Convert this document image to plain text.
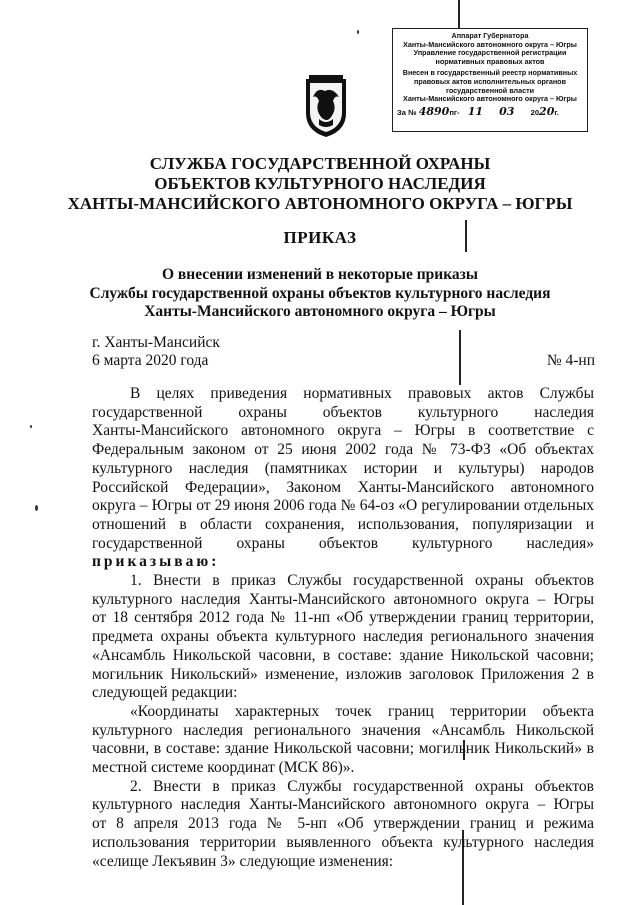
Аппарат Губернатора
Ханты-Мансийского автономного округа – Югры
Управление государственной регистрации
нормативных правовых актов
Внесен в государственный реестр нормативных
правовых актов исполнительных органов
государственной власти
Ханты-Мансийского автономного округа – Югры
За № 4890пг- 11 03 2020г.
СЛУЖБА ГОСУДАРСТВЕННОЙ ОХРАНЫ
ОБЪЕКТОВ КУЛЬТУРНОГО НАСЛЕДИЯ
ХАНТЫ-МАНСИЙСКОГО АВТОНОМНОГО ОКРУГА – ЮГРЫ
ПРИКАЗ
О внесении изменений в некоторые приказы
Службы государственной охраны объектов культурного наследия
Ханты-Мансийского автономного округа – Югры
г. Ханты-Мансийск
6 марта 2020 года	№ 4-нп
В целях приведения нормативных правовых актов Службы
государственной охраны объектов культурного наследия
Ханты-Мансийского автономного округа – Югры в соответствие с
Федеральным законом от 25 июня 2002 года № 73-ФЗ «Об объектах
культурного наследия (памятниках истории и культуры) народов
Российской Федерации», Законом Ханты-Мансийского автономного
округа – Югры от 29 июня 2006 года № 64-оз «О регулировании отдельных
отношений в области сохранения, использования, популяризации и
государственной охраны объектов культурного наследия»
приказываю:
1. Внести в приказ Службы государственной охраны объектов
культурного наследия Ханты-Мансийского автономного округа – Югры
от 18 сентября 2012 года № 11-нп «Об утверждении границ территории,
предмета охраны объекта культурного наследия регионального значения
«Ансамбль Никольской часовни, в составе: здание Никольской часовни;
могильник Никольский» изменение, изложив заголовок Приложения 2 в
следующей редакции:
«Координаты характерных точек границ территории объекта
культурного наследия регионального значения «Ансамбль Никольской
часовни, в составе: здание Никольской часовни; могильник Никольский» в
местной системе координат (МСК 86)».
2. Внести в приказ Службы государственной охраны объектов
культурного наследия Ханты-Мансийского автономного округа – Югры
от 8 апреля 2013 года № 5-нп «Об утверждении границ и режима
использования территории выявленного объекта культурного наследия
«селище Лекъявин 3» следующие изменения:
